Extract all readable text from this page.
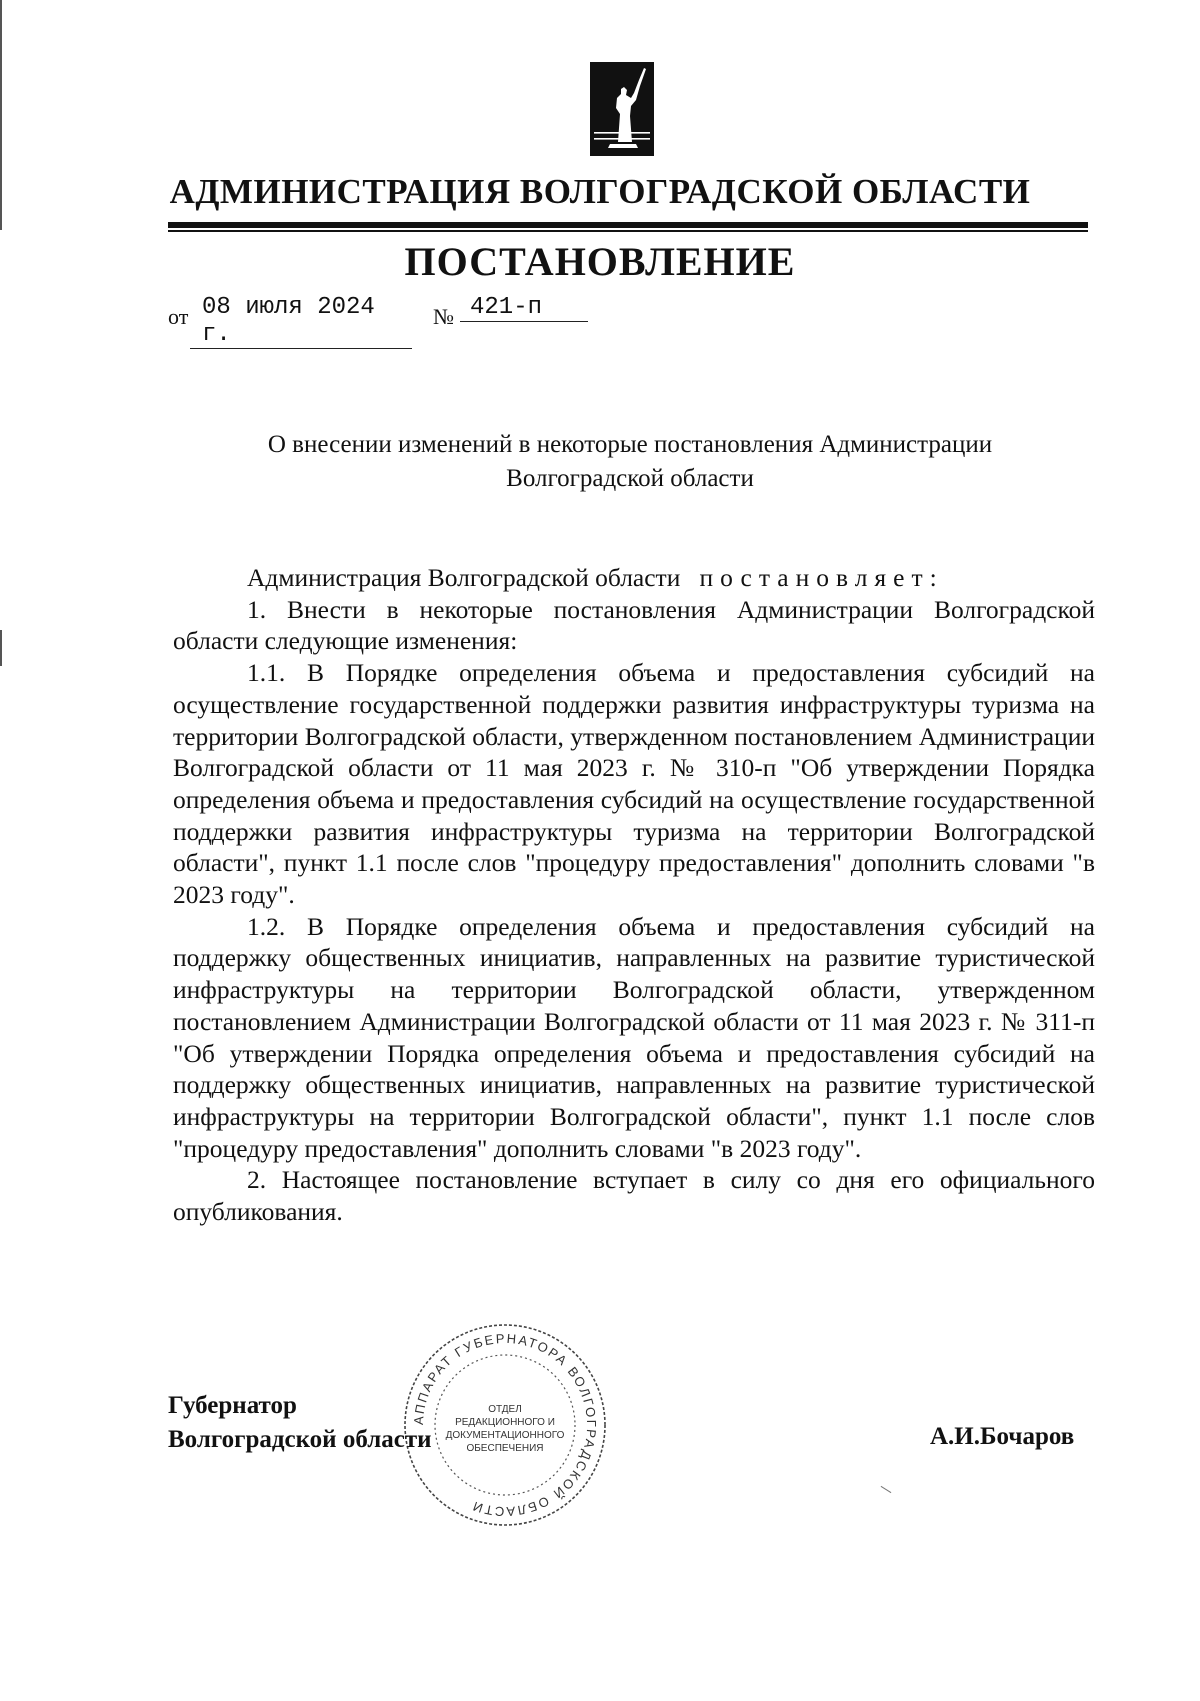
АДМИНИСТРАЦИЯ ВОЛГОГРАДСКОЙ ОБЛАСТИ
ПОСТАНОВЛЕНИЕ
от 08 июля 2024 г.
№ 421-п
О внесении изменений в некоторые постановления Администрации
Волгоградской области

Администрация Волгоградской области постановляет:

1. Внести в некоторые постановления Администрации Волгоградской области следующие изменения:

1.1. В Порядке определения объема и предоставления субсидий на осуществление государственной поддержки развития инфраструктуры туризма на территории Волгоградской области, утвержденном постановлением Администрации Волгоградской области от 11 мая 2023 г. № 310-п "Об утверждении Порядка определения объема и предоставления субсидий на осуществление государственной поддержки развития инфраструктуры туризма на территории Волгоградской области", пункт 1.1 после слов "процедуру предоставления" дополнить словами "в 2023 году".

1.2. В Порядке определения объема и предоставления субсидий на поддержку общественных инициатив, направленных на развитие туристической инфраструктуры на территории Волгоградской области, утвержденном постановлением Администрации Волгоградской области от 11 мая 2023 г. № 311-п "Об утверждении Порядка определения объема и предоставления субсидий на поддержку общественных инициатив, направленных на развитие туристической инфраструктуры на территории Волгоградской области", пункт 1.1 после слов "процедуру предоставления" дополнить словами "в 2023 году".

2. Настоящее постановление вступает в силу со дня его официального опубликования.

АППАРАТ ГУБЕРНАТОРА ВОЛГОГРАДСКОЙ ОБЛАСТИ
ОТДЕЛ
РЕДАКЦИОННОГО И
ДОКУМЕНТАЦИОННОГО
ОБЕСПЕЧЕНИЯ
Губернатор
Волгоградской области	А.И.Бочаров
